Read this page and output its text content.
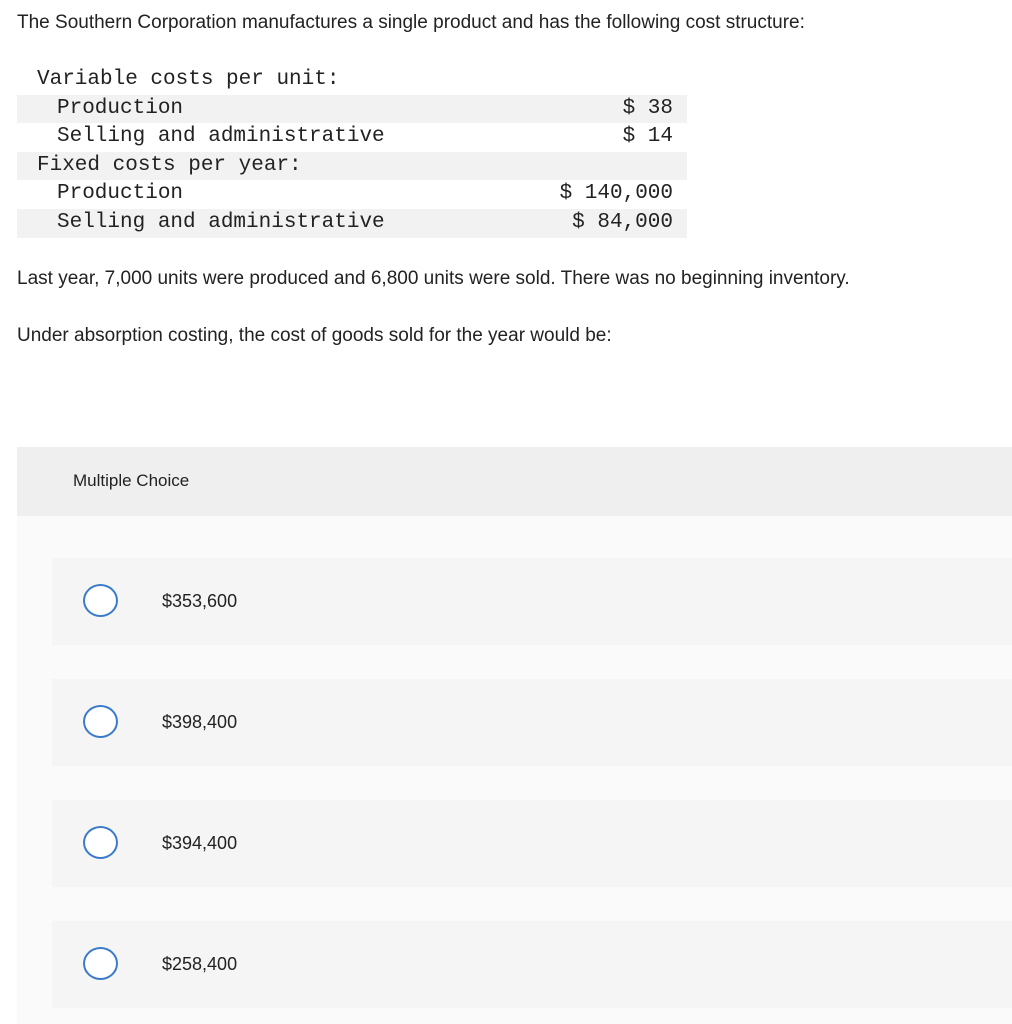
The Southern Corporation manufactures a single product and has the following cost structure:

Variable costs per unit:
Production	$ 38
Selling and administrative	$ 14
Fixed costs per year:
Production	$ 140,000
Selling and administrative	$ 84,000

Last year, 7,000 units were produced and 6,800 units were sold. There was no beginning inventory.

Under absorption costing, the cost of goods sold for the year would be:

Multiple Choice
$353,600
$398,400
$394,400
$258,400
